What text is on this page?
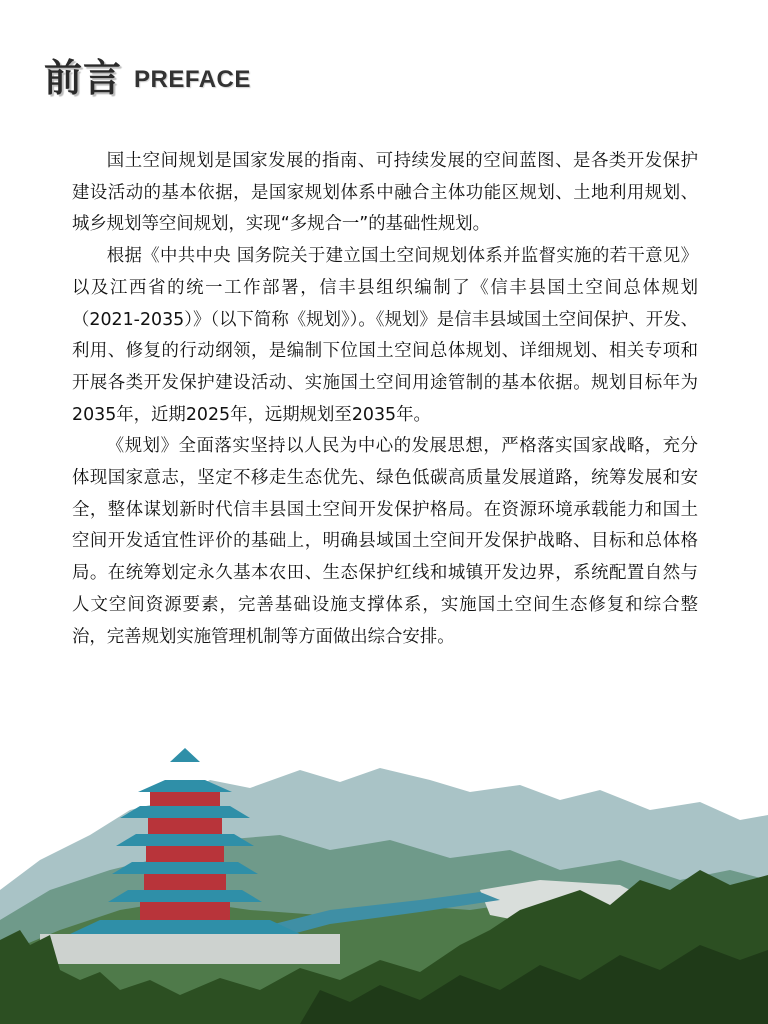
前言 PREFACE

国土空间规划是国家发展的指南、可持续发展的空间蓝图、是各类开发保护建设活动的基本依据，是国家规划体系中融合主体功能区规划、土地利用规划、城乡规划等空间规划，实现“多规合一”的基础性规划。

根据《中共中央 国务院关于建立国土空间规划体系并监督实施的若干意见》以及江西省的统一工作部署，信丰县组织编制了《信丰县国土空间总体规划（2021-2035）》（以下简称《规划》）。《规划》是信丰县域国土空间保护、开发、利用、修复的行动纲领，是编制下位国土空间总体规划、详细规划、相关专项和开展各类开发保护建设活动、实施国土空间用途管制的基本依据。规划目标年为2035年，近期2025年，远期规划至2035年。

《规划》全面落实坚持以人民为中心的发展思想，严格落实国家战略，充分体现国家意志，坚定不移走生态优先、绿色低碳高质量发展道路，统筹发展和安全，整体谋划新时代信丰县国土空间开发保护格局。在资源环境承载能力和国土空间开发适宜性评价的基础上，明确县域国土空间开发保护战略、目标和总体格局。在统筹划定永久基本农田、生态保护红线和城镇开发边界，系统配置自然与人文空间资源要素，完善基础设施支撑体系，实施国土空间生态修复和综合整治，完善规划实施管理机制等方面做出综合安排。
